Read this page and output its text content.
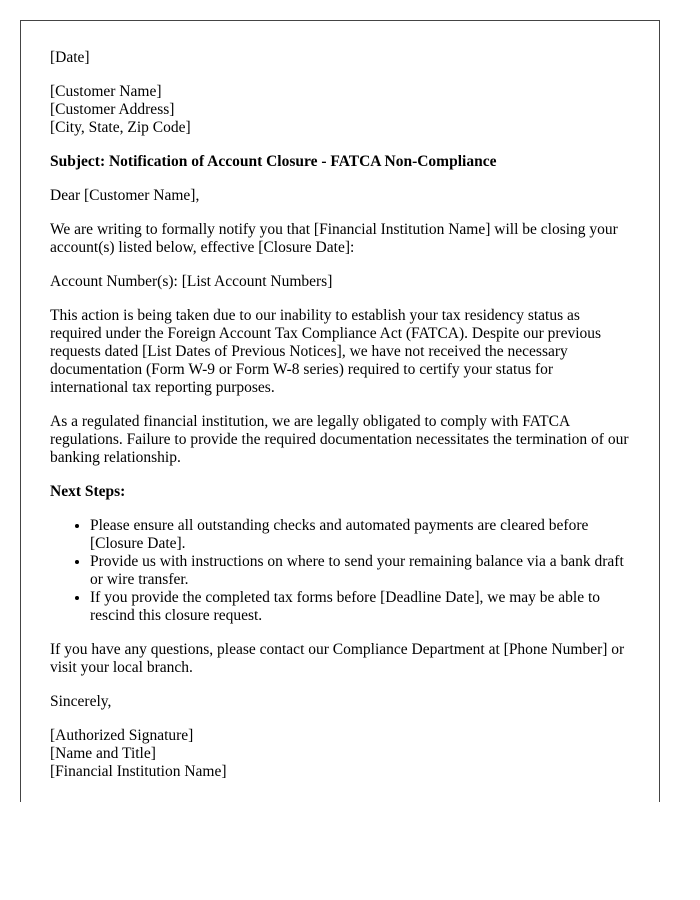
[Date]

[Customer Name]
[Customer Address]
[City, State, Zip Code]

Subject: Notification of Account Closure - FATCA Non-Compliance

Dear [Customer Name],

We are writing to formally notify you that [Financial Institution Name] will be closing your account(s) listed below, effective [Closure Date]:

Account Number(s): [List Account Numbers]

This action is being taken due to our inability to establish your tax residency status as required under the Foreign Account Tax Compliance Act (FATCA). Despite our previous requests dated [List Dates of Previous Notices], we have not received the necessary documentation (Form W-9 or Form W-8 series) required to certify your status for international tax reporting purposes.

As a regulated financial institution, we are legally obligated to comply with FATCA regulations. Failure to provide the required documentation necessitates the termination of our banking relationship.

Next Steps:

• Please ensure all outstanding checks and automated payments are cleared before [Closure Date].
• Provide us with instructions on where to send your remaining balance via a bank draft or wire transfer.
• If you provide the completed tax forms before [Deadline Date], we may be able to rescind this closure request.

If you have any questions, please contact our Compliance Department at [Phone Number] or visit your local branch.

Sincerely,

[Authorized Signature]
[Name and Title]
[Financial Institution Name]
